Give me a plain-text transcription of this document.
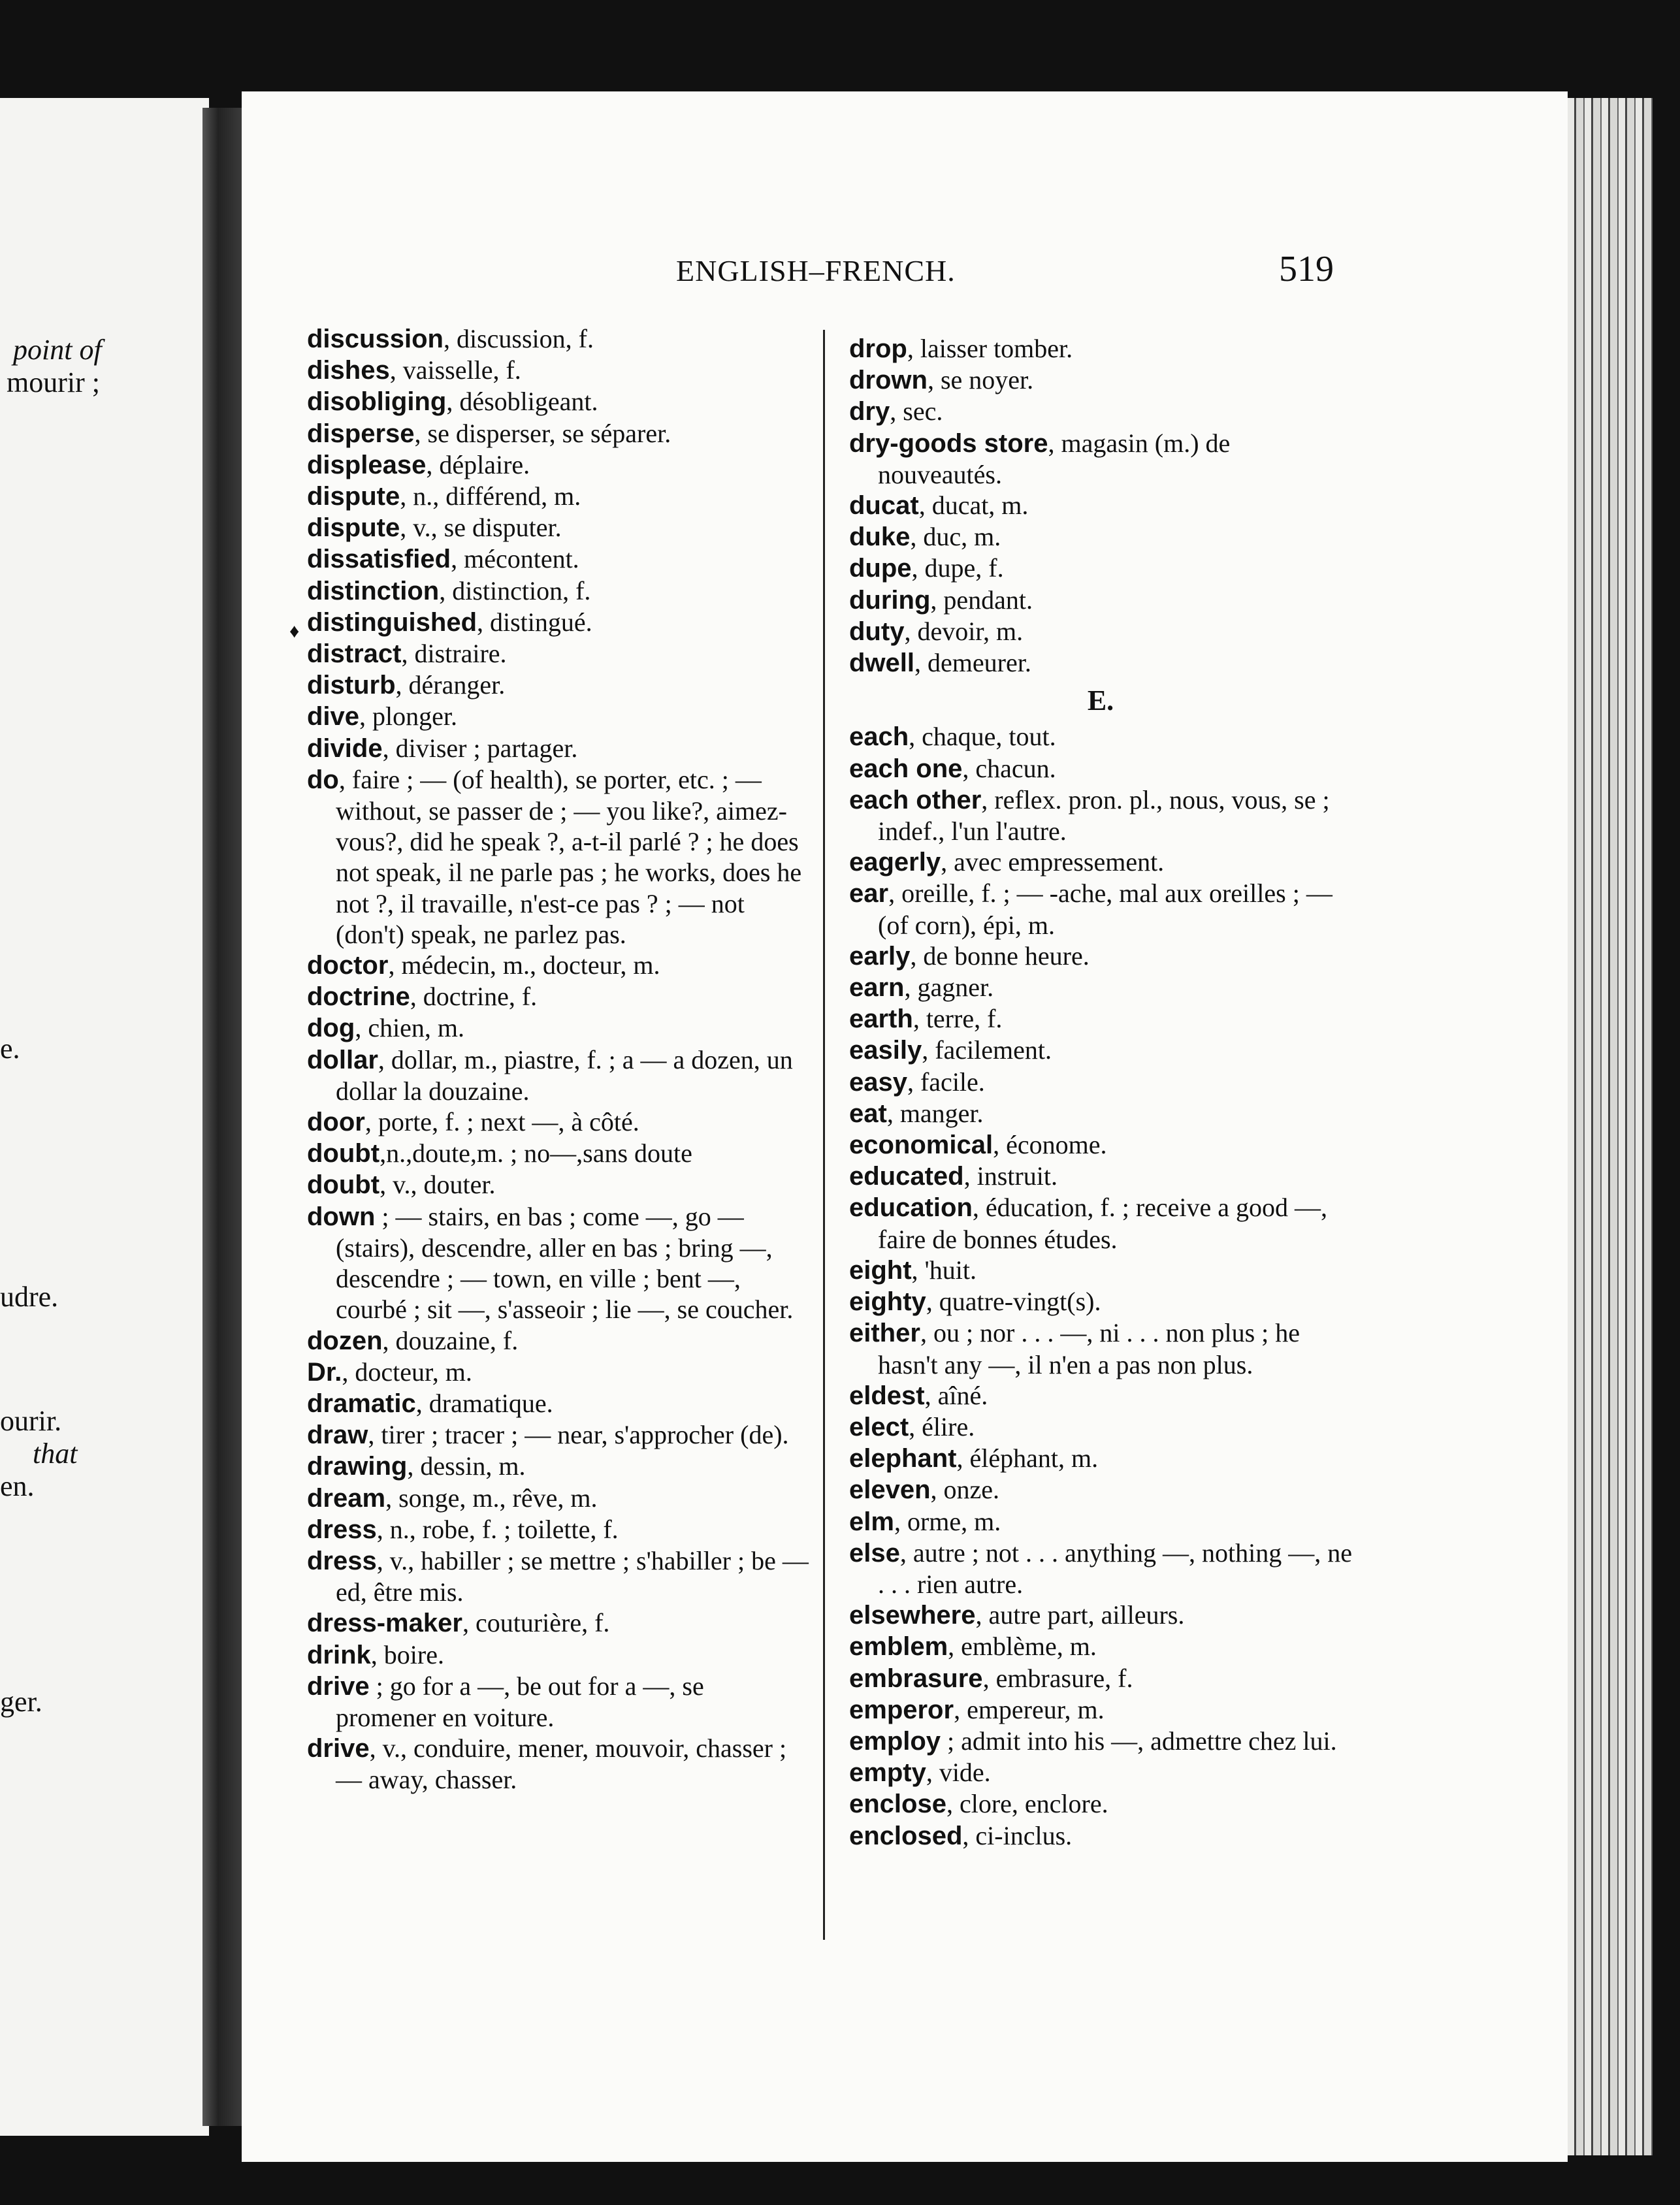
point of
mourir ;
e.
udre.
ourir.
that
en.
ger.
ENGLISH–FRENCH.	519
♦

discussion, discussion, f.

dishes, vaisselle, f.

disobliging, désobligeant.

disperse, se disperser, se séparer.

displease, déplaire.

dispute, n., différend, m.

dispute, v., se disputer.

dissatisfied, mécontent.

distinction, distinction, f.

distinguished, distingué.

distract, distraire.

disturb, déranger.

dive, plonger.

divide, diviser ; partager.

do, faire ; — (of health), se porter, etc. ; — without, se passer de ; — you like?, aimez-vous?, did he speak ?, a-t-il parlé ? ; he does not speak, il ne parle pas ; he works, does he not ?, il travaille, n'est-ce pas ? ; — not (don't) speak, ne parlez pas.

doctor, médecin, m., docteur, m.

doctrine, doctrine, f.

dog, chien, m.

dollar, dollar, m., piastre, f. ; a — a dozen, un dollar la douzaine.

door, porte, f. ; next —, à côté.

doubt,n.,doute,m. ; no—,sans doute

doubt, v., douter.

down ; — stairs, en bas ; come —, go — (stairs), descendre, aller en bas ; bring —, descendre ; — town, en ville ; bent —, courbé ; sit —, s'asseoir ; lie —, se coucher.

dozen, douzaine, f.

Dr., docteur, m.

dramatic, dramatique.

draw, tirer ; tracer ; — near, s'approcher (de).

drawing, dessin, m.

dream, songe, m., rêve, m.

dress, n., robe, f. ; toilette, f.

dress, v., habiller ; se mettre ; s'habiller ; be — ed, être mis.

dress-maker, couturière, f.

drink, boire.

drive ; go for a —, be out for a —, se promener en voiture.

drive, v., conduire, mener, mouvoir, chasser ; — away, chasser.

drop, laisser tomber.

drown, se noyer.

dry, sec.

dry-goods store, magasin (m.) de nouveautés.

ducat, ducat, m.

duke, duc, m.

dupe, dupe, f.

during, pendant.

duty, devoir, m.

dwell, demeurer.

E.

each, chaque, tout.

each one, chacun.

each other, reflex. pron. pl., nous, vous, se ; indef., l'un l'autre.

eagerly, avec empressement.

ear, oreille, f. ; — -ache, mal aux oreilles ; — (of corn), épi, m.

early, de bonne heure.

earn, gagner.

earth, terre, f.

easily, facilement.

easy, facile.

eat, manger.

economical, économe.

educated, instruit.

education, éducation, f. ; receive a good —, faire de bonnes études.

eight, 'huit.

eighty, quatre-vingt(s).

either, ou ; nor . . . —, ni . . . non plus ; he hasn't any —, il n'en a pas non plus.

eldest, aîné.

elect, élire.

elephant, éléphant, m.

eleven, onze.

elm, orme, m.

else, autre ; not . . . anything —, nothing —, ne . . . rien autre.

elsewhere, autre part, ailleurs.

emblem, emblème, m.

embrasure, embrasure, f.

emperor, empereur, m.

employ ; admit into his —, admettre chez lui.

empty, vide.

enclose, clore, enclore.

enclosed, ci-inclus.
